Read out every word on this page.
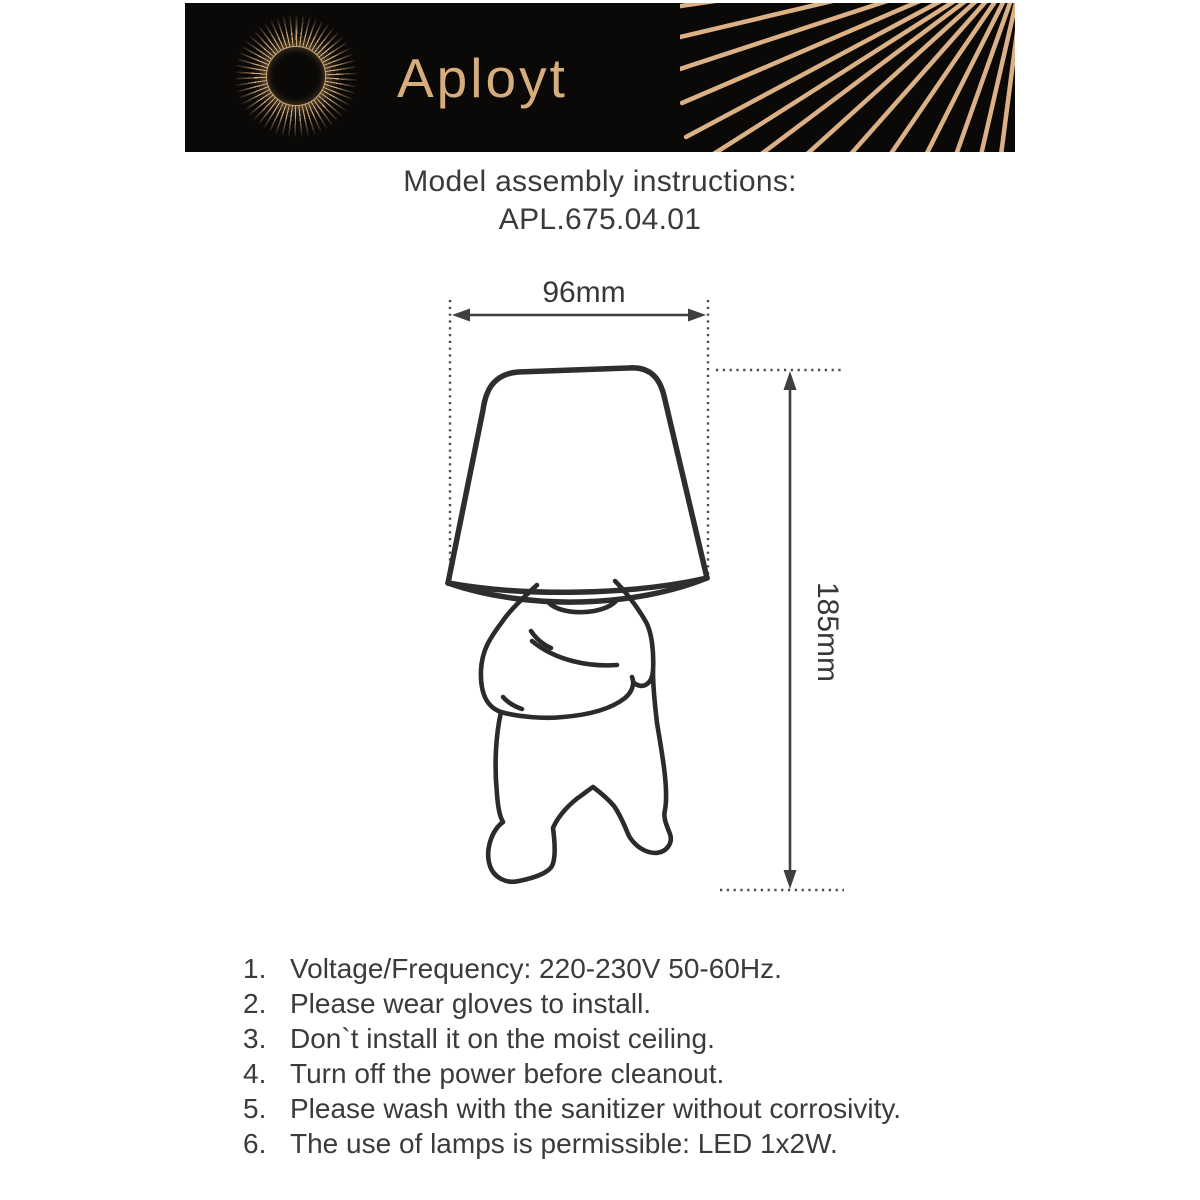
Aployt
Model assembly instructions:
APL.675.04.01
96mm
185mm
1. Voltage/Frequency: 220-230V 50-60Hz.
2. Please wear gloves to install.
3. Don`t install it on the moist ceiling.
4. Turn off the power before cleanout.
5. Please wash with the sanitizer without corrosivity.
6. The use of lamps is permissible: LED 1x2W.
